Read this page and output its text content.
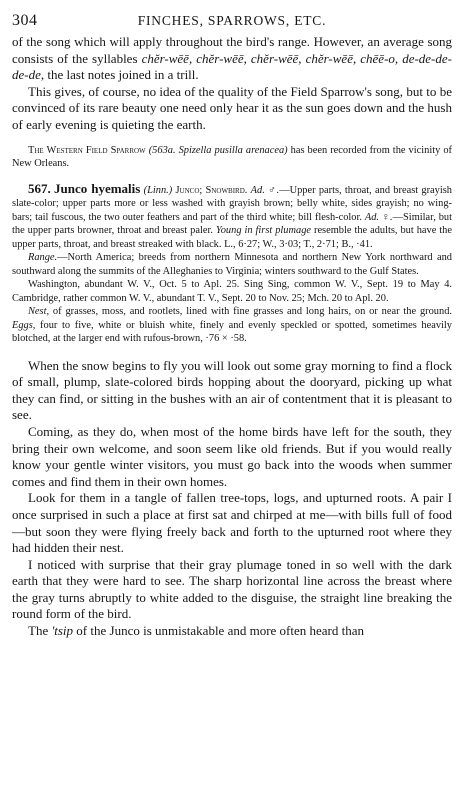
304	FINCHES, SPARROWS, ETC.

of the song which will apply throughout the bird's range. However, an average song consists of the syllables chĕr-wēē, chĕr-wēē, chĕr-wēē, chĕr-wēē, chēē-o, de-de-de-de-de, the last notes joined in a trill.

This gives, of course, no idea of the quality of the Field Sparrow's song, but to be convinced of its rare beauty one need only hear it as the sun goes down and the hush of early evening is quieting the earth.

The Western Field Sparrow (563a. Spizella pusilla arenacea) has been recorded from the vicinity of New Orleans.

567. Junco hyemalis (Linn.) Junco; Snowbird. Ad. ♂.—Upper parts, throat, and breast grayish slate-color; upper parts more or less washed with grayish brown; belly white, sides grayish; no wing-bars; tail fuscous, the two outer feathers and part of the third white; bill flesh-color. Ad. ♀.—Similar, but the upper parts browner, throat and breast paler. Young in first plumage resemble the adults, but have the upper parts, throat, and breast streaked with black. L., 6·27; W., 3·03; T., 2·71; B., ·41.

Range.—North America; breeds from northern Minnesota and northern New York northward and southward along the summits of the Alleghanies to Virginia; winters southward to the Gulf States.

Washington, abundant W. V., Oct. 5 to Apl. 25. Sing Sing, common W. V., Sept. 19 to May 4. Cambridge, rather common W. V., abundant T. V., Sept. 20 to Nov. 25; Mch. 20 to Apl. 20.

Nest, of grasses, moss, and rootlets, lined with fine grasses and long hairs, on or near the ground. Eggs, four to five, white or bluish white, finely and evenly speckled or spotted, sometimes heavily blotched, at the larger end with rufous-brown, ·76 × ·58.

When the snow begins to fly you will look out some gray morning to find a flock of small, plump, slate-colored birds hopping about the dooryard, picking up what they can find, or sitting in the bushes with an air of contentment that it is pleasant to see.

Coming, as they do, when most of the home birds have left for the south, they bring their own welcome, and soon seem like old friends. But if you would really know your gentle winter visitors, you must go back into the woods when summer comes and find them in their own homes.

Look for them in a tangle of fallen tree-tops, logs, and upturned roots. A pair I once surprised in such a place at first sat and chirped at me—with bills full of food—but soon they were flying freely back and forth to the upturned root where they had hidden their nest.

I noticed with surprise that their gray plumage toned in so well with the dark earth that they were hard to see. The sharp horizontal line across the breast where the gray turns abruptly to white added to the disguise, the straight line breaking the round form of the bird.

The 'tsip of the Junco is unmistakable and more often heard than
